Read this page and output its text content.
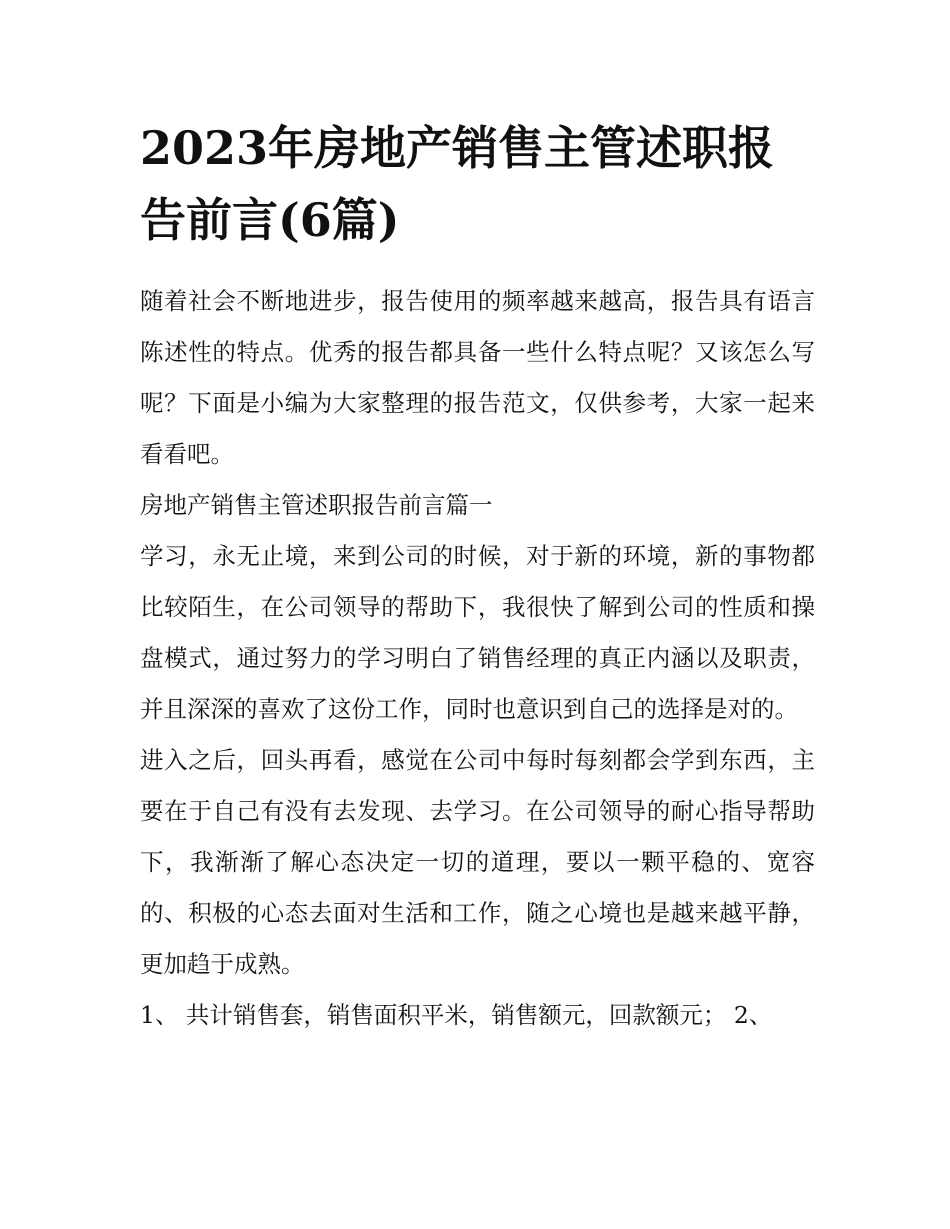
2023年房地产销售主管述职报告前言(6篇)

随着社会不断地进步，报告使用的频率越来越高，报告具有语言陈述性的特点。优秀的报告都具备一些什么特点呢？又该怎么写呢？下面是小编为大家整理的报告范文，仅供参考，大家一起来看看吧。

房地产销售主管述职报告前言篇一

学习，永无止境，来到公司的时候，对于新的环境，新的事物都比较陌生，在公司领导的帮助下，我很快了解到公司的性质和操盘模式，通过努力的学习明白了销售经理的真正内涵以及职责，并且深深的喜欢了这份工作，同时也意识到自己的选择是对的。

进入之后，回头再看，感觉在公司中每时每刻都会学到东西，主要在于自己有没有去发现、去学习。在公司领导的耐心指导帮助下，我渐渐了解心态决定一切的道理，要以一颗平稳的、宽容的、积极的心态去面对生活和工作，随之心境也是越来越平静，更加趋于成熟。

1、 共计销售套，销售面积平米，销售额元，回款额元； 2、
